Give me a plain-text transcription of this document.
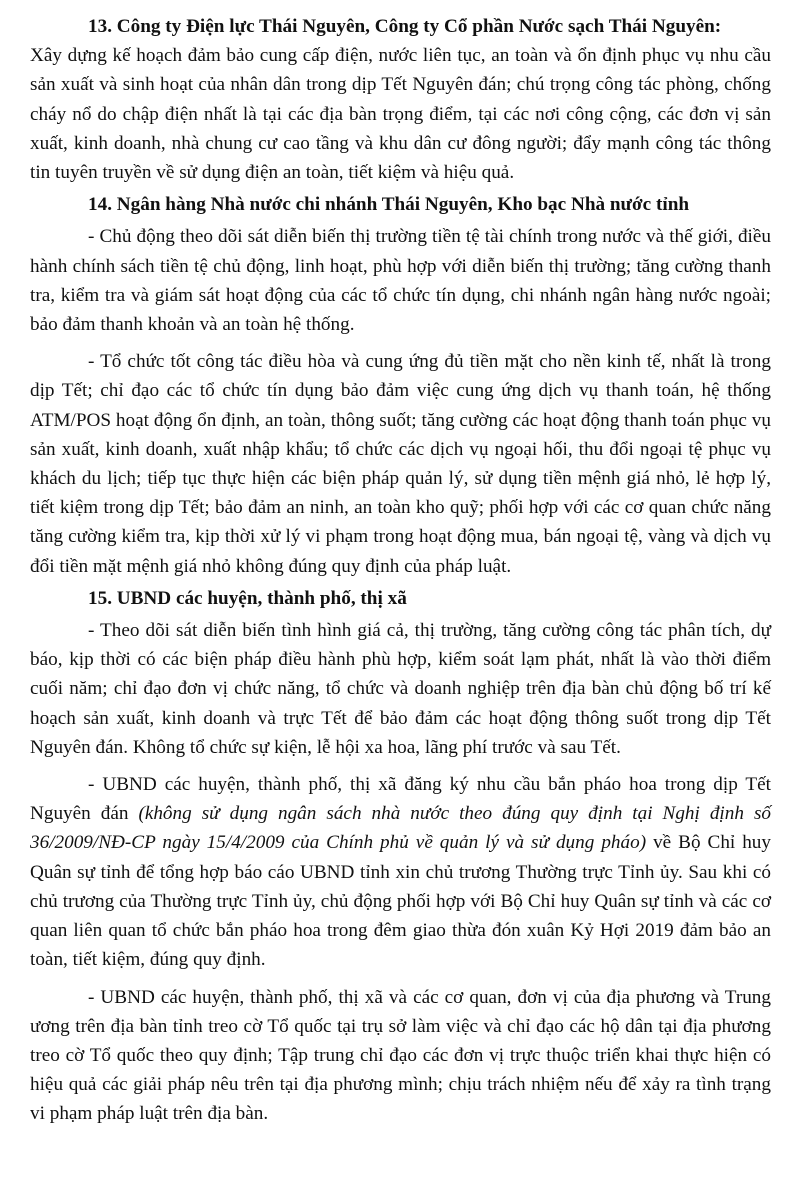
13. Công ty Điện lực Thái Nguyên, Công ty Cổ phần Nước sạch Thái Nguyên:

Xây dựng kế hoạch đảm bảo cung cấp điện, nước liên tục, an toàn và ổn định phục vụ nhu cầu sản xuất và sinh hoạt của nhân dân trong dịp Tết Nguyên đán; chú trọng công tác phòng, chống cháy nổ do chập điện nhất là tại các địa bàn trọng điểm, tại các nơi công cộng, các đơn vị sản xuất, kinh doanh, nhà chung cư cao tầng và khu dân cư đông người; đẩy mạnh công tác thông tin tuyên truyền về sử dụng điện an toàn, tiết kiệm và hiệu quả.

14. Ngân hàng Nhà nước chi nhánh Thái Nguyên, Kho bạc Nhà nước tỉnh

- Chủ động theo dõi sát diễn biến thị trường tiền tệ tài chính trong nước và thế giới, điều hành chính sách tiền tệ chủ động, linh hoạt, phù hợp với diễn biến thị trường; tăng cường thanh tra, kiểm tra và giám sát hoạt động của các tổ chức tín dụng, chi nhánh ngân hàng nước ngoài; bảo đảm thanh khoản và an toàn hệ thống.

- Tổ chức tốt công tác điều hòa và cung ứng đủ tiền mặt cho nền kinh tế, nhất là trong dịp Tết; chỉ đạo các tổ chức tín dụng bảo đảm việc cung ứng dịch vụ thanh toán, hệ thống ATM/POS hoạt động ổn định, an toàn, thông suốt; tăng cường các hoạt động thanh toán phục vụ sản xuất, kinh doanh, xuất nhập khẩu; tổ chức các dịch vụ ngoại hối, thu đổi ngoại tệ phục vụ khách du lịch; tiếp tục thực hiện các biện pháp quản lý, sử dụng tiền mệnh giá nhỏ, lẻ hợp lý, tiết kiệm trong dịp Tết; bảo đảm an ninh, an toàn kho quỹ; phối hợp với các cơ quan chức năng tăng cường kiểm tra, kịp thời xử lý vi phạm trong hoạt động mua, bán ngoại tệ, vàng và dịch vụ đổi tiền mặt mệnh giá nhỏ không đúng quy định của pháp luật.

15. UBND các huyện, thành phố, thị xã

- Theo dõi sát diễn biến tình hình giá cả, thị trường, tăng cường công tác phân tích, dự báo, kịp thời có các biện pháp điều hành phù hợp, kiểm soát lạm phát, nhất là vào thời điểm cuối năm; chỉ đạo đơn vị chức năng, tổ chức và doanh nghiệp trên địa bàn chủ động bố trí kế hoạch sản xuất, kinh doanh và trực Tết để bảo đảm các hoạt động thông suốt trong dịp Tết Nguyên đán. Không tổ chức sự kiện, lễ hội xa hoa, lãng phí trước và sau Tết.

- UBND các huyện, thành phố, thị xã đăng ký nhu cầu bắn pháo hoa trong dịp Tết Nguyên đán (không sử dụng ngân sách nhà nước theo đúng quy định tại Nghị định số 36/2009/NĐ-CP ngày 15/4/2009 của Chính phủ về quản lý và sử dụng pháo) về Bộ Chỉ huy Quân sự tỉnh để tổng hợp báo cáo UBND tỉnh xin chủ trương Thường trực Tỉnh ủy. Sau khi có chủ trương của Thường trực Tỉnh ủy, chủ động phối hợp với Bộ Chỉ huy Quân sự tỉnh và các cơ quan liên quan tổ chức bắn pháo hoa trong đêm giao thừa đón xuân Kỷ Hợi 2019 đảm bảo an toàn, tiết kiệm, đúng quy định.

- UBND các huyện, thành phố, thị xã và các cơ quan, đơn vị của địa phương và Trung ương trên địa bàn tỉnh treo cờ Tổ quốc tại trụ sở làm việc và chỉ đạo các hộ dân tại địa phương treo cờ Tổ quốc theo quy định; Tập trung chỉ đạo các đơn vị trực thuộc triển khai thực hiện có hiệu quả các giải pháp nêu trên tại địa phương mình; chịu trách nhiệm nếu để xảy ra tình trạng vi phạm pháp luật trên địa bàn.
